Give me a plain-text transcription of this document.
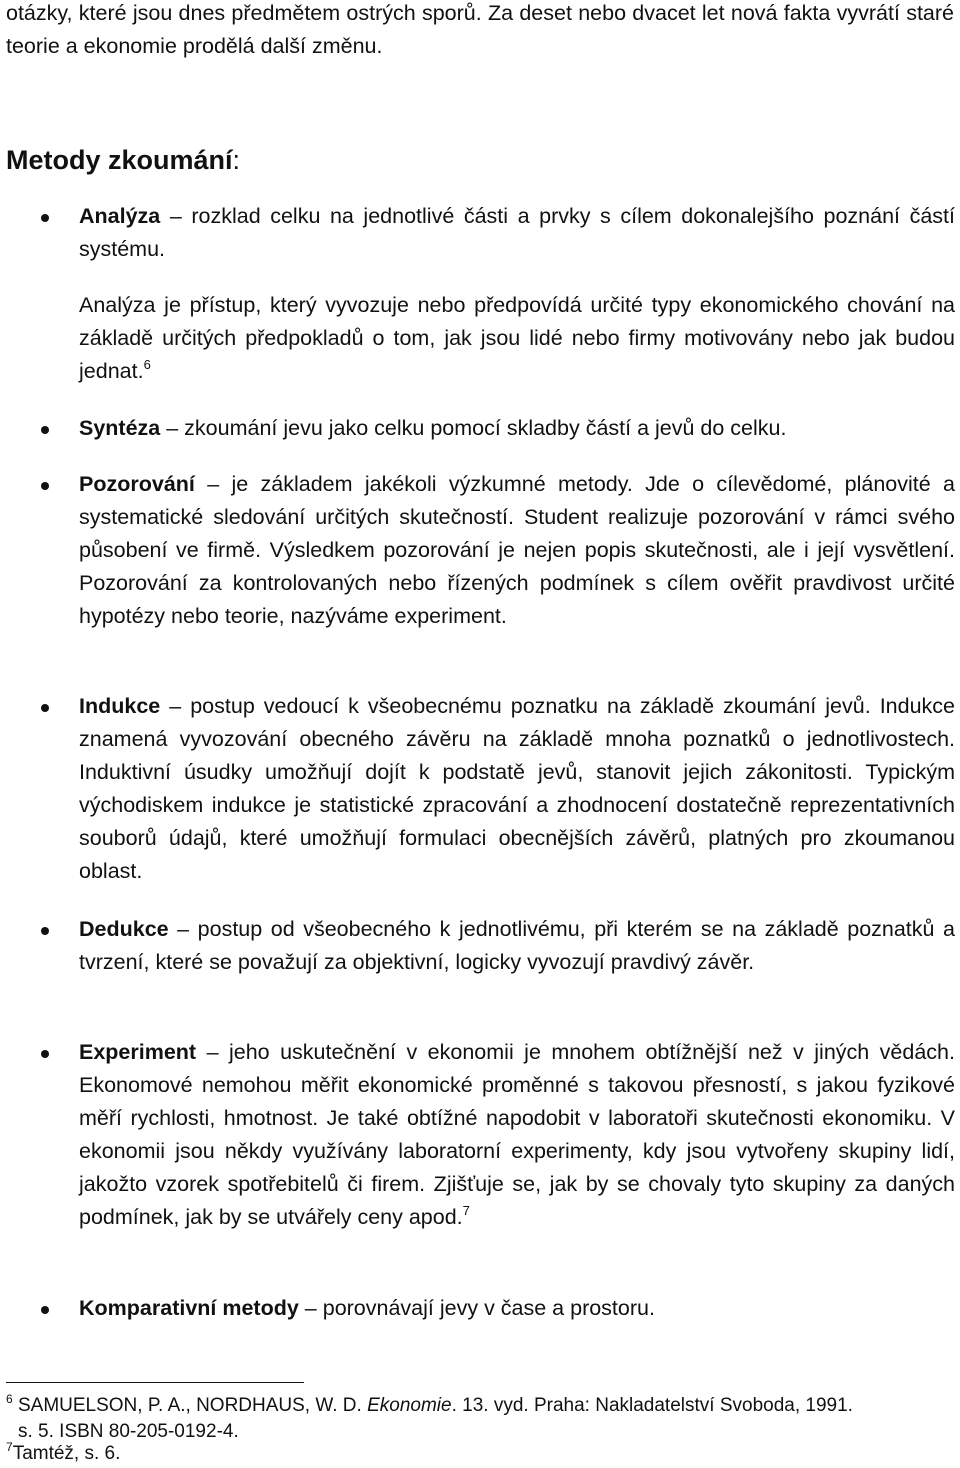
otázky, které jsou dnes předmětem ostrých sporů. Za deset nebo dvacet let nová fakta vyvrátí staré teorie a ekonomie prodělá další změnu.
Metody zkoumání:
Analýza – rozklad celku na jednotlivé části a prvky s cílem dokonalejšího poznání částí systému.
Analýza je přístup, který vyvozuje nebo předpovídá určité typy ekonomického chování na základě určitých předpokladů o tom, jak jsou lidé nebo firmy motivovány nebo jak budou jednat.$^6$
Syntéza – zkoumání jevu jako celku pomocí skladby částí a jevů do celku.
Pozorování – je základem jakékoli výzkumné metody. Jde o cílevědomé, plánovité a systematické sledování určitých skutečností. Student realizuje pozorování v rámci svého působení ve firmě. Výsledkem pozorování je nejen popis skutečnosti, ale i její vysvětlení. Pozorování za kontrolovaných nebo řízených podmínek s cílem ověřit pravdivost určité hypotézy nebo teorie, nazýváme experiment.
Indukce – postup vedoucí k všeobecnému poznatku na základě zkoumání jevů. Indukce znamená vyvozování obecného závěru na základě mnoha poznatků o jednotlivostech. Induktivní úsudky umožňují dojít k podstatě jevů, stanovit jejich zákonitosti. Typickým východiskem indukce je statistické zpracování a zhodnocení dostatečně reprezentativních souborů údajů, které umožňují formulaci obecnějších závěrů, platných pro zkoumanou oblast.
Dedukce – postup od všeobecného k jednotlivému, při kterém se na základě poznatků a tvrzení, které se považují za objektivní, logicky vyvozují pravdivý závěr.
Experiment – jeho uskutečnění v ekonomii je mnohem obtížnější než v jiných vědách. Ekonomové nemohou měřit ekonomické proměnné s takovou přesností, s jakou fyzikové měří rychlosti, hmotnost. Je také obtížné napodobit v laboratoři skutečnosti ekonomiku. V ekonomii jsou někdy využívány laboratorní experimenty, kdy jsou vytvořeny skupiny lidí, jakožto vzorek spotřebitelů či firem. Zjišťuje se, jak by se chovaly tyto skupiny za daných podmínek, jak by se utvářely ceny apod.$^7$
Komparativní metody – porovnávají jevy v čase a prostoru.
$^6$ SAMUELSON, P. A., NORDHAUS, W. D. Ekonomie. 13. vyd. Praha: Nakladatelství Svoboda, 1991.
s. 5. ISBN 80-205-0192-4.
$^7$Tamtéž, s. 6.
